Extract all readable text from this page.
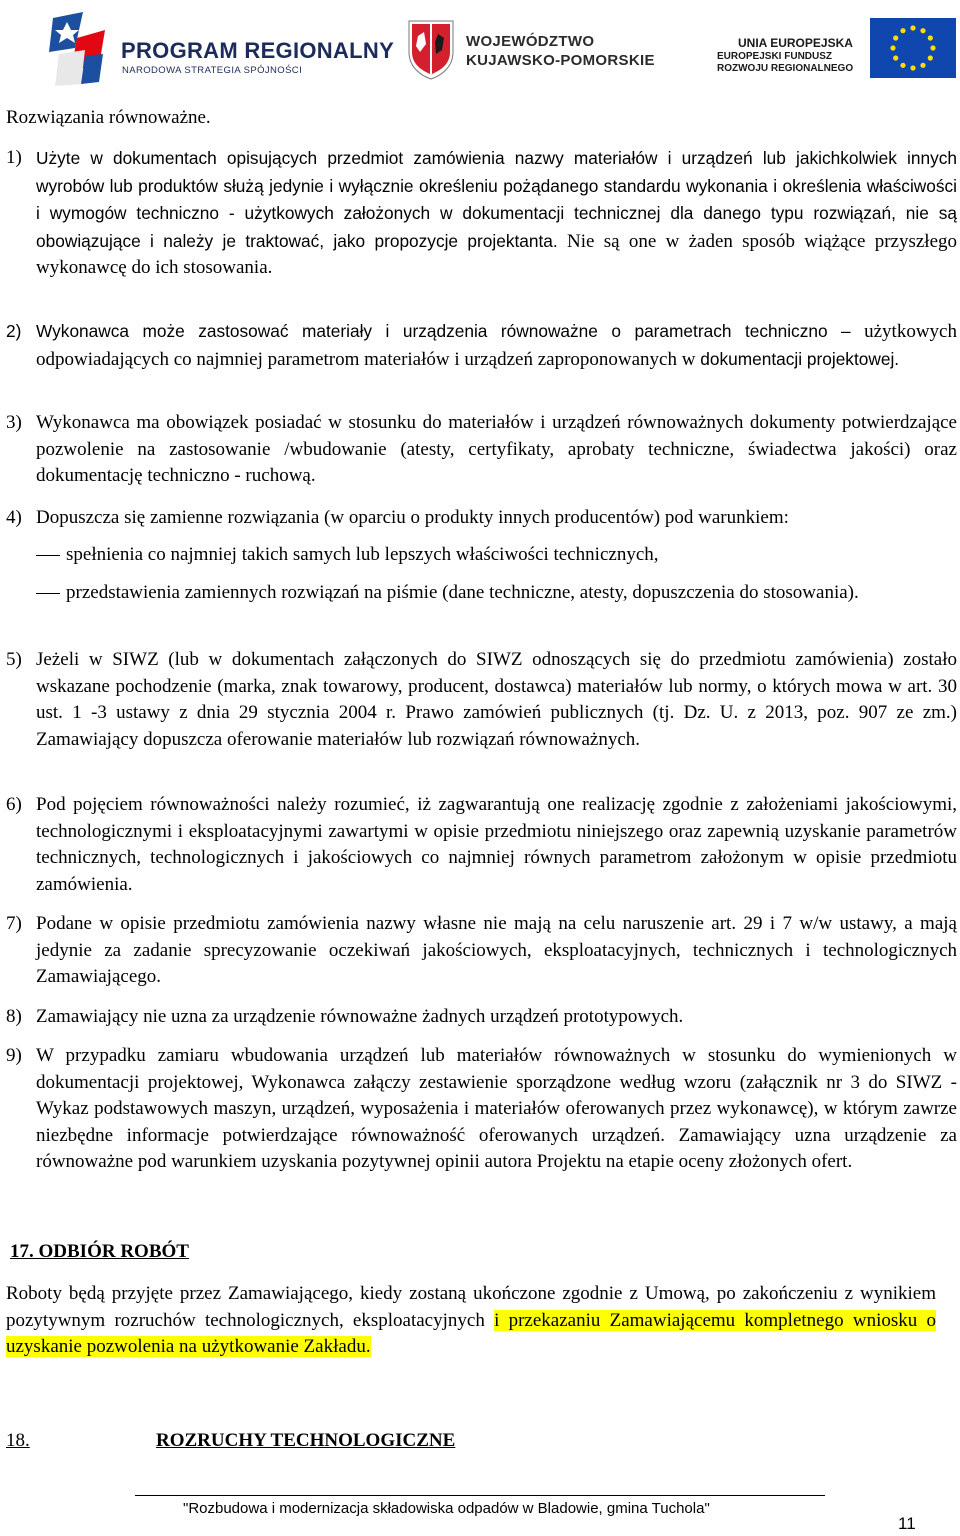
PROGRAM REGIONALNY
NARODOWA STRATEGIA SPÓJNOŚCI
WOJEWÓDZTWO
KUJAWSKO-POMORSKIE
UNIA EUROPEJSKA
EUROPEJSKI FUNDUSZ
ROZWOJU REGIONALNEGO
Rozwiązania równoważne.
1) Użyte w dokumentach opisujących przedmiot zamówienia nazwy materiałów i urządzeń lub jakichkolwiek innych wyrobów lub produktów służą jedynie i wyłącznie określeniu pożądanego standardu wykonania i określenia właściwości i wymogów techniczno - użytkowych założonych w dokumentacji technicznej dla danego typu rozwiązań, nie są obowiązujące i należy je traktować, jako propozycje projektanta. Nie są one w żaden sposób wiążące przyszłego wykonawcę do ich stosowania.
2) Wykonawca może zastosować materiały i urządzenia równoważne o parametrach techniczno – użytkowych odpowiadających co najmniej parametrom materiałów i urządzeń zaproponowanych w dokumentacji projektowej.
3) Wykonawca ma obowiązek posiadać w stosunku do materiałów i urządzeń równoważnych dokumenty potwierdzające pozwolenie na zastosowanie /wbudowanie (atesty, certyfikaty, aprobaty techniczne, świadectwa jakości) oraz dokumentację techniczno - ruchową.
4) Dopuszcza się zamienne rozwiązania (w oparciu o produkty innych producentów) pod warunkiem:
spełnienia co najmniej takich samych lub lepszych właściwości technicznych,
przedstawienia zamiennych rozwiązań na piśmie (dane techniczne, atesty, dopuszczenia do stosowania).
5) Jeżeli w SIWZ (lub w dokumentach załączonych do SIWZ odnoszących się do przedmiotu zamówienia) zostało wskazane pochodzenie (marka, znak towarowy, producent, dostawca) materiałów lub normy, o których mowa w art. 30 ust. 1 -3 ustawy z dnia 29 stycznia 2004 r. Prawo zamówień publicznych (tj. Dz. U. z 2013, poz. 907 ze zm.) Zamawiający dopuszcza oferowanie materiałów lub rozwiązań równoważnych.
6) Pod pojęciem równoważności należy rozumieć, iż zagwarantują one realizację zgodnie z założeniami jakościowymi, technologicznymi i eksploatacyjnymi zawartymi w opisie przedmiotu niniejszego oraz zapewnią uzyskanie parametrów technicznych, technologicznych i jakościowych co najmniej równych parametrom założonym w opisie przedmiotu zamówienia.
7) Podane w opisie przedmiotu zamówienia nazwy własne nie mają na celu naruszenie art. 29 i 7 w/w ustawy, a mają jedynie za zadanie sprecyzowanie oczekiwań jakościowych, eksploatacyjnych, technicznych i technologicznych Zamawiającego.
8) Zamawiający nie uzna za urządzenie równoważne żadnych urządzeń prototypowych.
9) W przypadku zamiaru wbudowania urządzeń lub materiałów równoważnych w stosunku do wymienionych w dokumentacji projektowej, Wykonawca załączy zestawienie sporządzone według wzoru (załącznik nr 3 do SIWZ - Wykaz podstawowych maszyn, urządzeń, wyposażenia i materiałów oferowanych przez wykonawcę), w którym zawrze niezbędne informacje potwierdzające równoważność oferowanych urządzeń. Zamawiający uzna urządzenie za równoważne pod warunkiem uzyskania pozytywnej opinii autora Projektu na etapie oceny złożonych ofert.
17. ODBIÓR ROBÓT
Roboty będą przyjęte przez Zamawiającego, kiedy zostaną ukończone zgodnie z Umową, po zakończeniu z wynikiem pozytywnym rozruchów technologicznych, eksploatacyjnych i przekazaniu Zamawiającemu kompletnego wniosku o uzyskanie pozwolenia na użytkowanie Zakładu.
18.	ROZRUCHY TECHNOLOGICZNE
"Rozbudowa i modernizacja składowiska odpadów w Bladowie, gmina Tuchola"
11
